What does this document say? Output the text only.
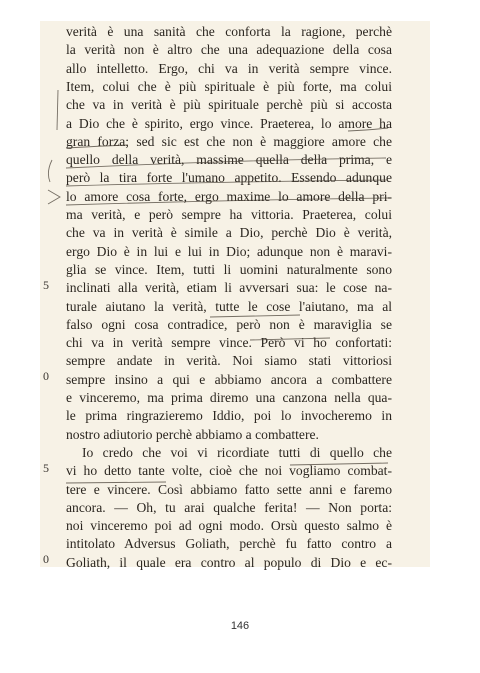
verità è una sanità che conforta la ragione, perchè
la verità non è altro che una adequazione della cosa
allo intelletto. Ergo, chi va in verità sempre vince.
Item, colui che è più spirituale è più forte, ma colui
che va in verità è più spirituale perchè più si accosta
a Dio che è spirito, ergo vince. Praeterea, lo amore ha
gran forza; sed sic est che non è maggiore amore che
quello della verità, massime quella della prima, e
però la tira forte l'umano appetito. Essendo adunque
lo amore cosa forte, ergo maxime lo amore della pri-
ma verità, e però sempre ha vittoria. Praeterea, colui
che va in verità è simile a Dio, perchè Dio è verità,
ergo Dio è in lui e lui in Dio; adunque non è maravi-
glia se vince. Item, tutti li uomini naturalmente sono
inclinati alla verità, etiam li avversari sua: le cose na-
turale aiutano la verità, tutte le cose l'aiutano, ma al
falso ogni cosa contradice, però non è maraviglia se
chi va in verità sempre vince. Però vi ho confortati:
sempre andate in verità. Noi siamo stati vittoriosi
sempre insino a qui e abbiamo ancora a combattere
e vinceremo, ma prima diremo una canzona nella qua-
le prima ringrazieremo Iddio, poi lo invocheremo in
nostro adiutorio perchè abbiamo a combattere.
Io credo che voi vi ricordiate tutti di quello che
vi ho detto tante volte, cioè che noi vogliamo combat-
tere e vincere. Così abbiamo fatto sette anni e faremo
ancora. — Oh, tu arai qualche ferita! — Non porta:
noi vinceremo poi ad ogni modo. Orsù questo salmo è
intitolato Adversus Goliath, perchè fu fatto contro a
Goliath, il quale era contro al populo di Dio e ec-
5
0
5
0
146
